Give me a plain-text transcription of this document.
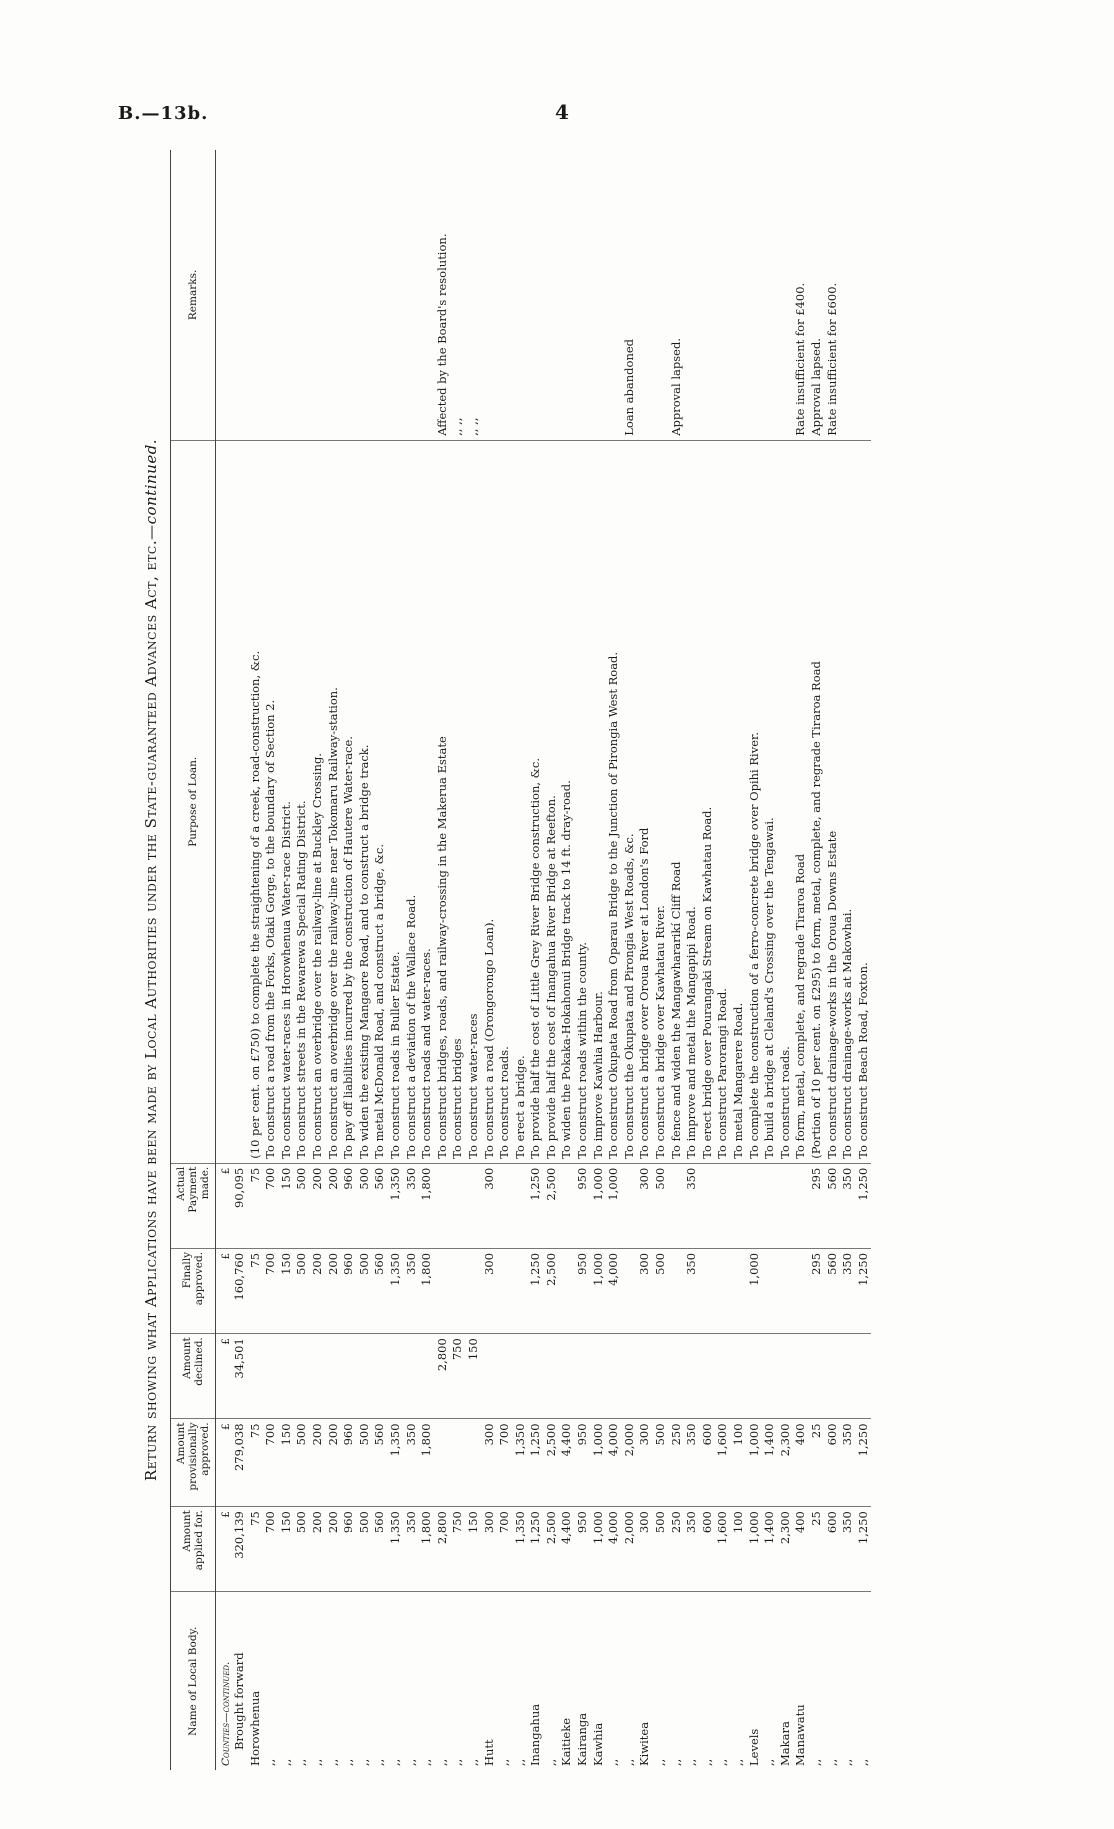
B.—13b.	4
Return showing what Applications have been made by Local Authorities under the State-guaranteed Advances Act, etc.—continued.
Name of Local Body.	Amount applied for.	Amount provisionally approved.	Amount declined.	Finally approved.	Actual Payment made.	Purpose of Loan.	Remarks.
Counties—continued.	£	£	£	£	£		
Brought forward	320,139	279,038	34,501	160,760	90,095		
Horowhenua	75	75		75	75	(10 per cent. on £750) to complete the straightening of a creek, road-construction, &c.	
,,	700	700		700	700	To construct a road from the Forks, Otaki Gorge, to the boundary of Section 2.	
,,	150	150		150	150	To construct water-races in Horowhenua Water-race District.	
,,	500	500		500	500	To construct streets in the Rewarewa Special Rating District.	
,,	200	200		200	200	To construct an overbridge over the railway-line at Buckley Crossing.	
,,	200	200		200	200	To construct an overbridge over the railway-line near Tokomaru Railway-station.	
,,	960	960		960	960	To pay off liabilities incurred by the construction of Hautere Water-race.	
,,	500	500		500	500	To widen the existing Mangaore Road, and to construct a bridge track.	
,,	560	560		560	560	To metal McDonald Road, and construct a bridge, &c.	
,,	1,350	1,350		1,350	1,350	To construct roads in Buller Estate.	
,,	350	350		350	350	To construct a deviation of the Wallace Road.	
,,	1,800	1,800		1,800	1,800	To construct roads and water-races.	
,,	2,800		2,800			To construct bridges, roads, and railway-crossing in the Makerua Estate	Affected by the Board's resolution.
,,	750		750			To construct bridges	,, ,,
,,	150		150			To construct water-races	,, ,,
Hutt	300	300		300	300	To construct a road (Orongorongo Loan).	
,,	700	700				To construct roads.	
,,	1,350	1,350				To erect a bridge.	
Inangahua	1,250	1,250		1,250	1,250	To provide half the cost of Little Grey River Bridge construction, &c.	
,,	2,500	2,500		2,500	2,500	To provide half the cost of Inangahua River Bridge at Reefton.	
Kaitieke	4,400	4,400				To widen the Pokaka-Hokahonui Bridge track to 14 ft. dray-road.	
Kairanga	950	950		950	950	To construct roads within the county.	
Kawhia	1,000	1,000		1,000	1,000	To improve Kawhia Harbour.	
,,	4,000	4,000		4,000	1,000	To construct Okupata Road from Oparau Bridge to the Junction of Pirongia West Road.	
,,	2,000	2,000				To construct the Okupata and Pirongia West Roads, &c.	Loan abandoned
Kiwitea	300	300		300	300	To construct a bridge over Oroua River at London's Ford	
,,	500	500		500	500	To construct a bridge over Kawhatau River.	
,,	250	250				To fence and widen the Mangawhararikí Cliff Road	Approval lapsed.
,,	350	350		350	350	To improve and metal the Mangapipi Road.	
,,	600	600				To erect bridge over Pourangaki Stream on Kawhatau Road.	
,,	1,600	1,600				To construct Parorangi Road.	
,,	100	100				To metal Mangarere Road.	
Levels	1,000	1,000		1,000		To complete the construction of a ferro-concrete bridge over Opihi River.	
,,	1,400	1,400				To build a bridge at Cleland's Crossing over the Tengawai.	
Makara	2,300	2,300				To construct roads.	
Manawatu	400	400				To form, metal, complete, and regrade Tiraroa Road	Rate insufficient for £400.
,,	25	25		295	295	(Portion of 10 per cent. on £295) to form, metal, complete, and regrade Tiraroa Road	Approval lapsed.
,,	600	600		560	560	To construct drainage-works in the Oroua Downs Estate	Rate insufficient for £600.
,,	350	350		350	350	To construct drainage-works at Makowhai.	
,,	1,250	1,250		1,250	1,250	To construct Beach Road, Foxton.	
